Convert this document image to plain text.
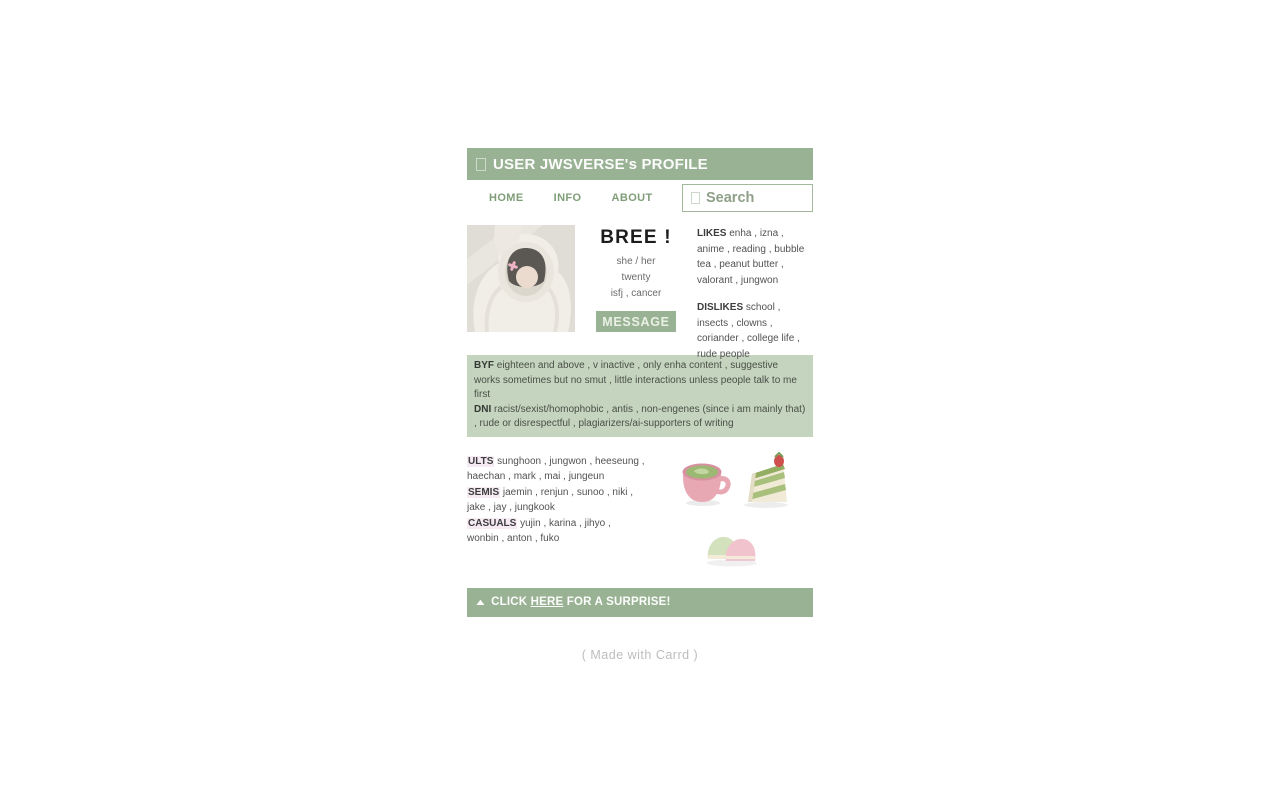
USER JWSVERSE's PROFILE
HOME	INFO	ABOUT
Search
BREE !
she / her
twenty
isfj , cancer
MESSAGE

LIKES enha , izna , anime , reading , bubble tea , peanut butter , valorant , jungwon

DISLIKES school , insects , clowns , coriander , college life , rude people

BYF eighteen and above , v inactive , only enha content , suggestive works sometimes but no smut , little interactions unless people talk to me first

DNI racist/sexist/homophobic , antis , non-engenes (since i am mainly that) , rude or disrespectful , plagiarizers/ai-supporters of writing

ULTS sunghoon , jungwon , heeseung , haechan , mark , mai , jungeun

SEMIS jaemin , renjun , sunoo , niki , jake , jay , jungkook

CASUALS yujin , karina , jihyo , wonbin , anton , fuko

▲ CLICK HERE FOR A SURPRISE!
( Made with Carrd )
